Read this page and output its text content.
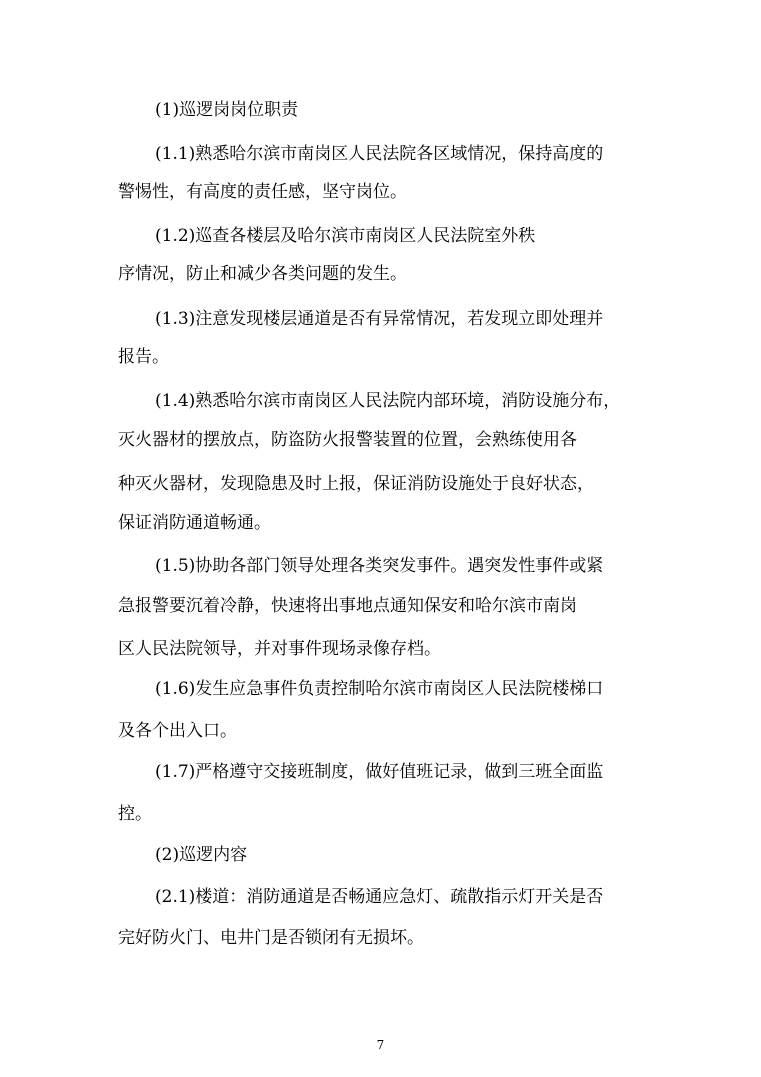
(1)巡逻岗岗位职责
(1.1)熟悉哈尔滨市南岗区人民法院各区域情况，保持高度的
警惕性，有高度的责任感，坚守岗位。
(1.2)巡查各楼层及哈尔滨市南岗区人民法院室外秩
序情况，防止和减少各类问题的发生。
(1.3)注意发现楼层通道是否有异常情况，若发现立即处理并
报告。
(1.4)熟悉哈尔滨市南岗区人民法院内部环境，消防设施分布，
灭火器材的摆放点，防盗防火报警装置的位置，会熟练使用各
种灭火器材，发现隐患及时上报，保证消防设施处于良好状态，
保证消防通道畅通。
(1.5)协助各部门领导处理各类突发事件。遇突发性事件或紧
急报警要沉着冷静，快速将出事地点通知保安和哈尔滨市南岗
区人民法院领导，并对事件现场录像存档。
(1.6)发生应急事件负责控制哈尔滨市南岗区人民法院楼梯口
及各个出入口。
(1.7)严格遵守交接班制度，做好值班记录，做到三班全面监
控。
(2)巡逻内容
(2.1)楼道：消防通道是否畅通应急灯、疏散指示灯开关是否
完好防火门、电井门是否锁闭有无损坏。
7
